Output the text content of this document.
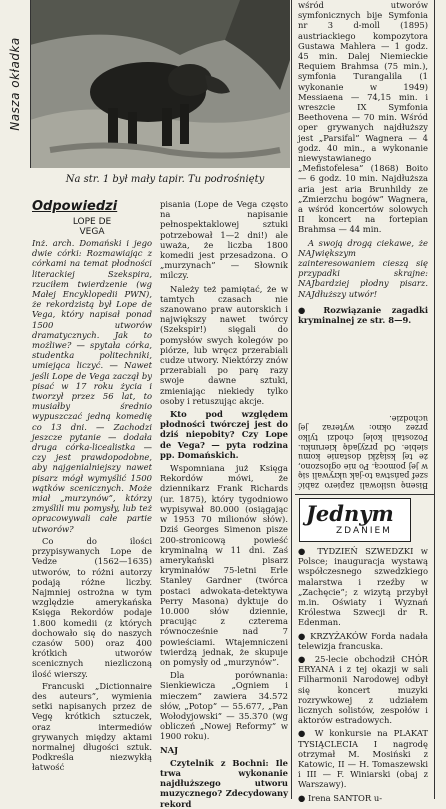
Nasza okładka
Na str. 1 był mały tapir. Tu podrośnięty
Odpowiedzi
LOPE DE VEGA

Inż. arch. Domański i jego dwie córki: Rozmawiając z córkami na temat płodności literackiej Szekspira, rzuciłem twierdzenie (wg Małej Encyklopedii PWN), że rekordzistą był Lope de Vega, który napisał ponad 1500 utworów dramatycznych. Jak to możliwe? — spytała córka, studentka politechniki, umiejąca liczyć. — Nawet jeśli Lope de Vega zaczął by pisać w 17 roku życia i tworzył przez 56 lat, to musiałby średnio wypuszczać jedną komedię co 13 dni. — Zachodzi jeszcze pytanie — dodała druga córka-licealistka — czy jest prawdopodobne, aby najgenialniejszy nawet pisarz mógł wymyślić 1500 wątków scenicznych. Może miał „murzynów”, którzy zmyślili mu pomysły, lub też opracowywali całe partie utworów?

Co do ilości przypisywanych Lope de Vedze (1562—1635) utworów, to różni autorzy podają różne liczby. Najmniej ostrożna w tym względzie amerykańska Księga Rekordów podaje 1.800 komedii (z których dochowało się do naszych czasów 500) oraz 400 krótkich utworów scenicznych niezliczoną ilość wierszy.

Francuski „Dictionnaire des auteurs”, wymienia setki napisanych przez de Vegę krótkich sztuczek, oraz intermediów grywanych między aktami normalnej długości sztuk. Podkreśla niezwykłą łatwość

pisania (Lope de Vega często na napisanie pełnospektaklowej sztuki potrzebował 1—2 dni!) ale uważa, że liczba 1800 komedii jest przesadzona. O „murzynach” — Słownik milczy.

Należy też pamiętać, że w tamtych czasach nie szanowano praw autorskich i największy nawet twórcy (Szekspir!) sięgali do pomysłów swych kolegów po piórze, lub wręcz przerabiali cudze utwory. Niektórzy znów przerabiali po parę razy swoje dawne sztuki, zmieniając niekiedy tylko osoby i retuszując akcje.

Kto pod względem płodności twórczej jest do dziś niepobity? Czy Lope de Vega? — pyta rodzina pp. Domańskich.

Wspomniana już Księga Rekordów mówi, że dziennikarz Frank Richards (ur. 1875), który tygodniowo wypisywał 80.000 (osiągając w 1953 70 milionów słów). Dziś Georges Simenon pisze 200-stronicową powieść kryminalną w 11 dni. Zaś amerykański pisarz kryminałów 75-letni Erle Stanley Gardner (twórca postaci adwokata-detektywa Perry Masona) dyktuje do 10.000 słów dziennie, pracując z czterema równocześnie nad 7 powieściami. Wtajemniczeni twierdzą jednak, że skupuje on pomysły od „murzynów”.

Dla porównania: Sienkiewicza „Ogniem i mieczem” zawiera 34.572 słów, „Potop” — 55.677, „Pan Wołodyjowski” — 35.370 (wg obliczeń „Nowej Reformy” w 1900 roku).

NAJ

Czytelnik z Bochni: Ile trwa wykonanie najdłuższego utworu muzycznego? Zdecydowany rekord

wśród utworów symfonicznych bije Symfonia nr 3 d-moll (1895) austriackiego kompozytora Gustawa Mahlera — 1 godz. 45 min. Dalej Niemieckie Requiem Brahmsa (75 min.), symfonia Turangalila (1 wykonanie w 1949) Messiaena — 74,15 min. i wreszcie IX Symfonia Beethovena — 70 min. Wśród oper grywanych najdłuższy jest „Parsifal” Wagnera — 4 godz. 40 min., a wykonanie niewystawianego „Mefistofelesa” (1868) Boito — 6 godz. 10 min. Najdłuższa aria jest aria Brunhildy ze „Zmierzchu bogów” Wagnera, a wśród koncertów solowych II koncert na fortepian Brahmsa — 44 min.

A swoją drogą ciekawe, że NAJwiększym zainteresowaniem cieszą się przypadki skrajne: NAJbardziej płodny pisarz. NAJdłuższy utwór!

● Rozwiązanie zagadki kryminalnej ze str. 8—9.

Bisenę usiłowali zapiero zabić szef państwa to-jak ukrywali się w jej pomocą. Po nie ogłoszono, że tej książki dostanie komu siebie. Od przyjadę kierunku. Pozostali kolej chodzi tylko przez okno: wyteraz jej uchodzie.

Jednym
ZDANIEM

● TYDZIEŃ SZWEDZKI w Polsce; inauguracja wystawą współczesnego szwedzkiego malarstwa i rzeźby w „Zachęcie”; z wizytą przybył m.in. Oświaty i Wyznań Królestwa Szwecji dr R. Edenman.

● KRZYŻAKÓW Forda nadała telewizja francuska.

● 25-lecie obchodził CHÓR ERYANA i z tej okazji w sali Filharmonii Narodowej odbył się koncert muzyki rozrywkowej z udziałem licznych solistów, zespołów i aktorów estradowych.

● W konkursie na PLAKAT TYSIĄCLECIA I nagrodę otrzymał M. Mosiński z Katowic, II — H. Tomaszewski i III — F. Winiarski (obaj z Warszawy).

● Irena SANTOR u-
